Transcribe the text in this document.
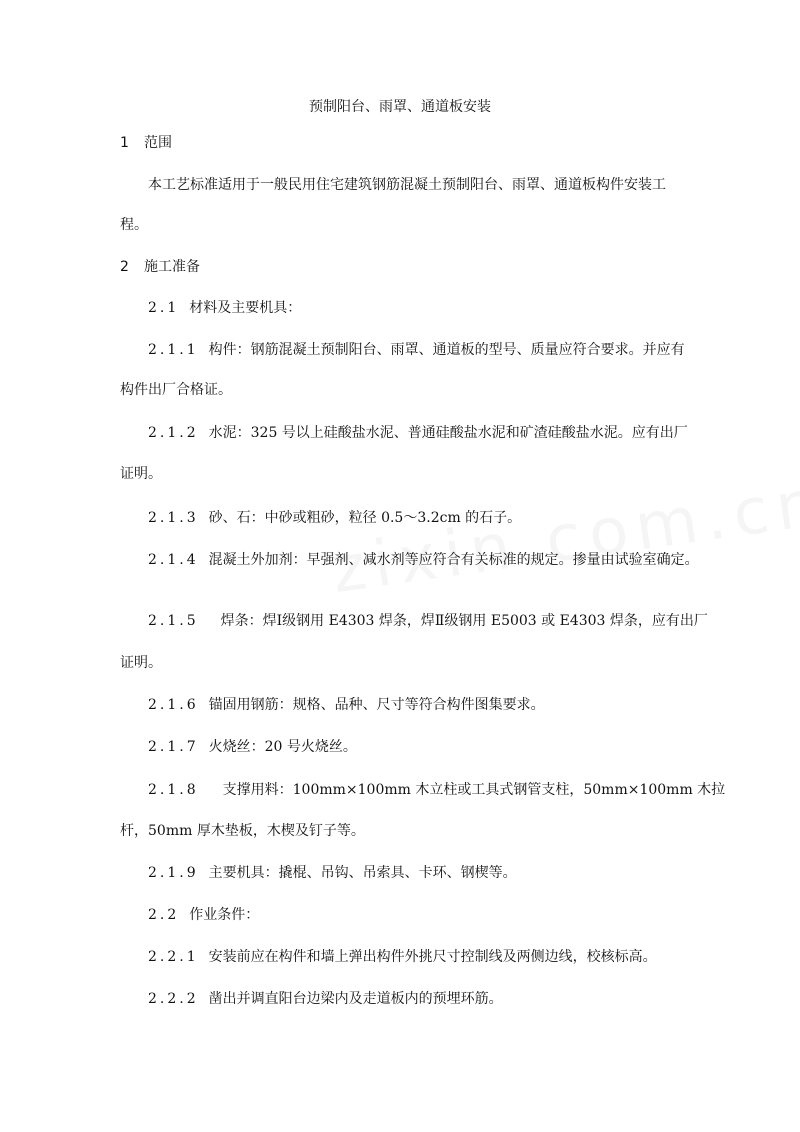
预制阳台、雨罩、通道板安装
1 范围
本工艺标准适用于一般民用住宅建筑钢筋混凝土预制阳台、雨罩、通道板构件安装工
程。
2 施工准备
2.1 材料及主要机具：
2.1.1 构件：钢筋混凝土预制阳台、雨罩、通道板的型号、质量应符合要求。并应有
构件出厂合格证。
2.1.2 水泥：325 号以上硅酸盐水泥、普通硅酸盐水泥和矿渣硅酸盐水泥。应有出厂
证明。
2.1.3 砂、石：中砂或粗砂，粒径 0.5～3.2cm 的石子。
2.1.4 混凝土外加剂：早强剂、减水剂等应符合有关标准的规定。掺量由试验室确定。
2.1.5 焊条：焊Ⅰ级钢用 E4303 焊条，焊Ⅱ级钢用 E5003 或 E4303 焊条，应有出厂
证明。
2.1.6 锚固用钢筋：规格、品种、尺寸等符合构件图集要求。
2.1.7 火烧丝：20 号火烧丝。
2.1.8 支撑用料：100mm×100mm 木立柱或工具式钢管支柱，50mm×100mm 木拉
杆，50mm 厚木垫板，木楔及钉子等。
2.1.9 主要机具：撬棍、吊钩、吊索具、卡环、钢楔等。
2.2 作业条件：
2.2.1 安装前应在构件和墙上弹出构件外挑尺寸控制线及两侧边线，校核标高。
2.2.2 凿出并调直阳台边梁内及走道板内的预埋环筋。
